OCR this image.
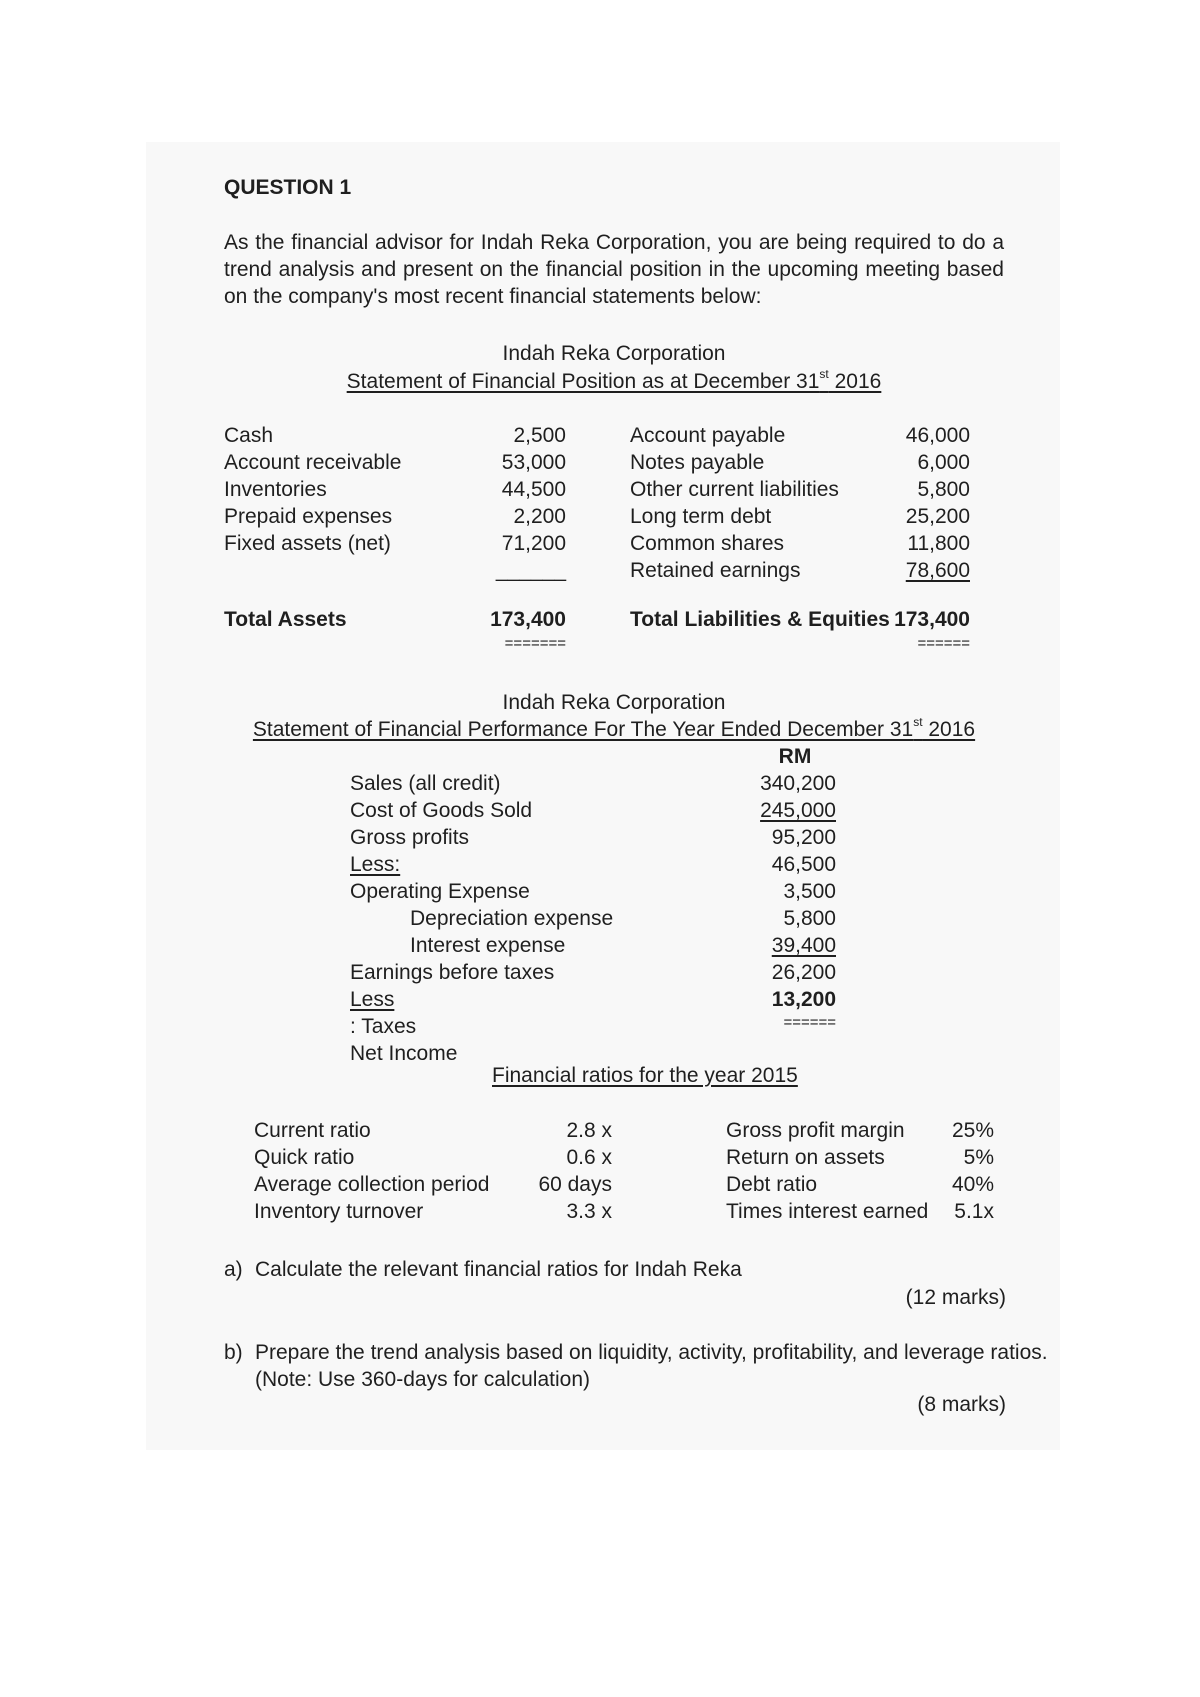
QUESTION 1
As the financial advisor for Indah Reka Corporation, you are being required to do a trend analysis and present on the financial position in the upcoming meeting based on the company's most recent financial statements below:
Indah Reka Corporation
Statement of Financial Position as at December 31st 2016
Cash
Account receivable
Inventories
Prepaid expenses
Fixed assets (net)
2,500
53,000
44,500
2,200
71,200
______
Account payable
Notes payable
Other current liabilities
Long term debt
Common shares
Retained earnings
46,000
6,000
5,800
25,200
11,800
78,600
Total Assets	173,400
=======
Total Liabilities & Equities 173,400
======
Indah Reka Corporation
Statement of Financial Performance For The Year Ended December 31st 2016
RM
Sales (all credit)
Cost of Goods Sold
Gross profits
Less:
Operating Expense
Depreciation expense
Interest expense
Earnings before taxes
Less
: Taxes
Net Income
340,200
245,000
95,200
46,500
3,500
5,800
39,400
26,200
13,200
======
Financial ratios for the year 2015
Current ratio
Quick ratio
Average collection period
Inventory turnover
2.8 x
0.6 x
60 days
3.3 x
Gross profit margin
Return on assets
Debt ratio
Times interest earned
25%
5%
40%
5.1x
a) Calculate the relevant financial ratios for Indah Reka
(12 marks)
b) Prepare the trend analysis based on liquidity, activity, profitability, and leverage ratios.
(Note: Use 360-days for calculation)
(8 marks)
